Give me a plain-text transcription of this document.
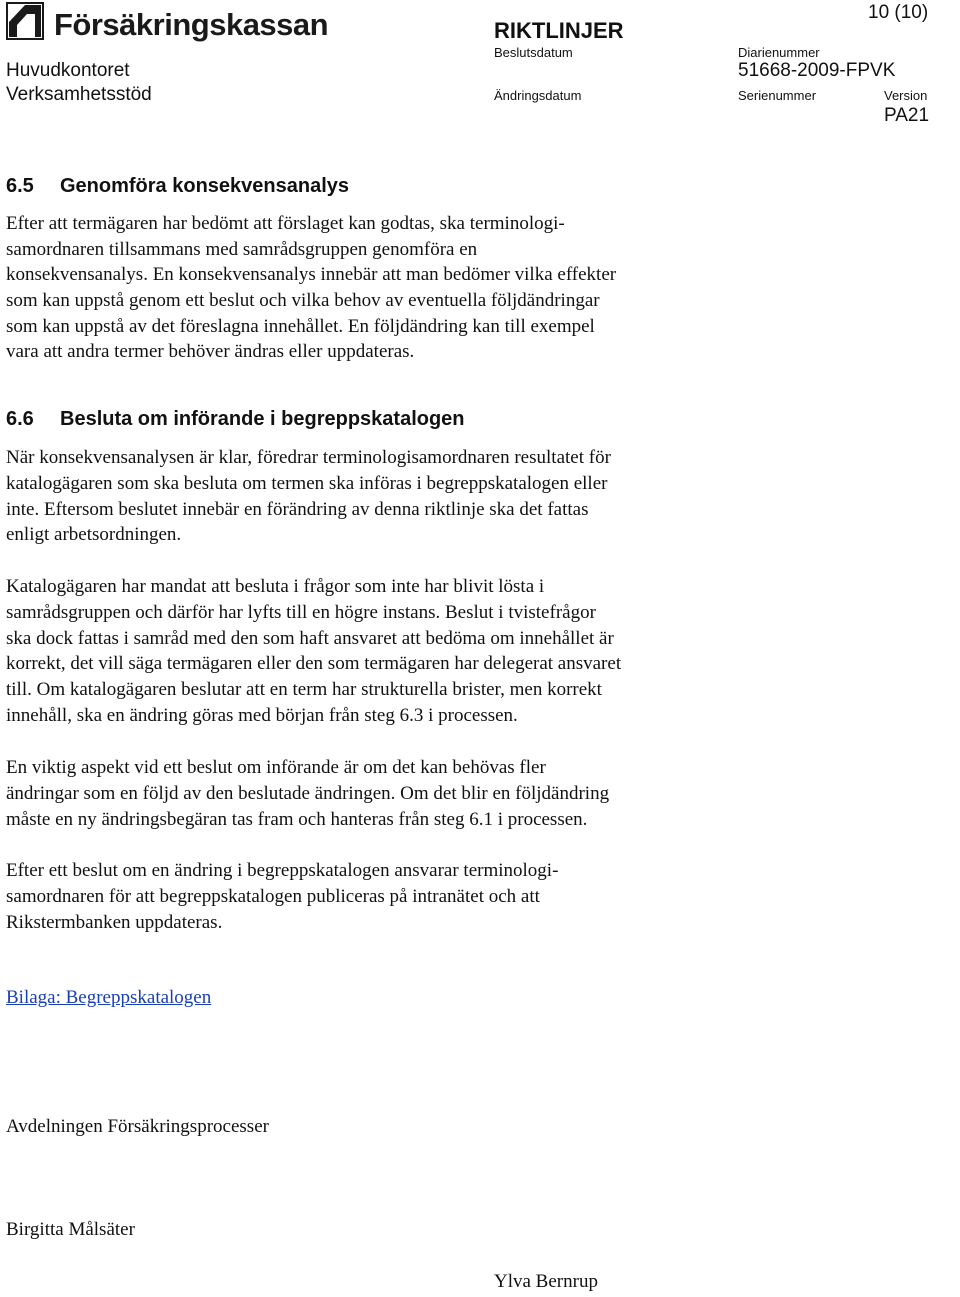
Försäkringskassan	10 (10)
RIKTLINJER
Beslutsdatum	Diarienummer
Huvudkontoret	51668-2009-FPVK
Verksamhetsstöd	Ändringsdatum	Serienummer	Version
PA21
6.5 Genomföra konsekvensanalys
Efter att termägaren har bedömt att förslaget kan godtas, ska terminologi-
samordnaren tillsammans med samrådsgruppen genomföra en
konsekvensanalys. En konsekvensanalys innebär att man bedömer vilka effekter
som kan uppstå genom ett beslut och vilka behov av eventuella följdändringar
som kan uppstå av det föreslagna innehållet. En följdändring kan till exempel
vara att andra termer behöver ändras eller uppdateras.
6.6 Besluta om införande i begreppskatalogen
När konsekvensanalysen är klar, föredrar terminologisamordnaren resultatet för
katalogägaren som ska besluta om termen ska införas i begreppskatalogen eller
inte. Eftersom beslutet innebär en förändring av denna riktlinje ska det fattas
enligt arbetsordningen.
Katalogägaren har mandat att besluta i frågor som inte har blivit lösta i
samrådsgruppen och därför har lyfts till en högre instans. Beslut i tvistefrågor
ska dock fattas i samråd med den som haft ansvaret att bedöma om innehållet är
korrekt, det vill säga termägaren eller den som termägaren har delegerat ansvaret
till. Om katalogägaren beslutar att en term har strukturella brister, men korrekt
innehåll, ska en ändring göras med början från steg 6.3 i processen.
En viktig aspekt vid ett beslut om införande är om det kan behövas fler
ändringar som en följd av den beslutade ändringen. Om det blir en följdändring
måste en ny ändringsbegäran tas fram och hanteras från steg 6.1 i processen.
Efter ett beslut om en ändring i begreppskatalogen ansvarar terminologi-
samordnaren för att begreppskatalogen publiceras på intranätet och att
Rikstermbanken uppdateras.
Bilaga: Begreppskatalogen
Avdelningen Försäkringsprocesser
Birgitta Målsäter
Ylva Bernrup
